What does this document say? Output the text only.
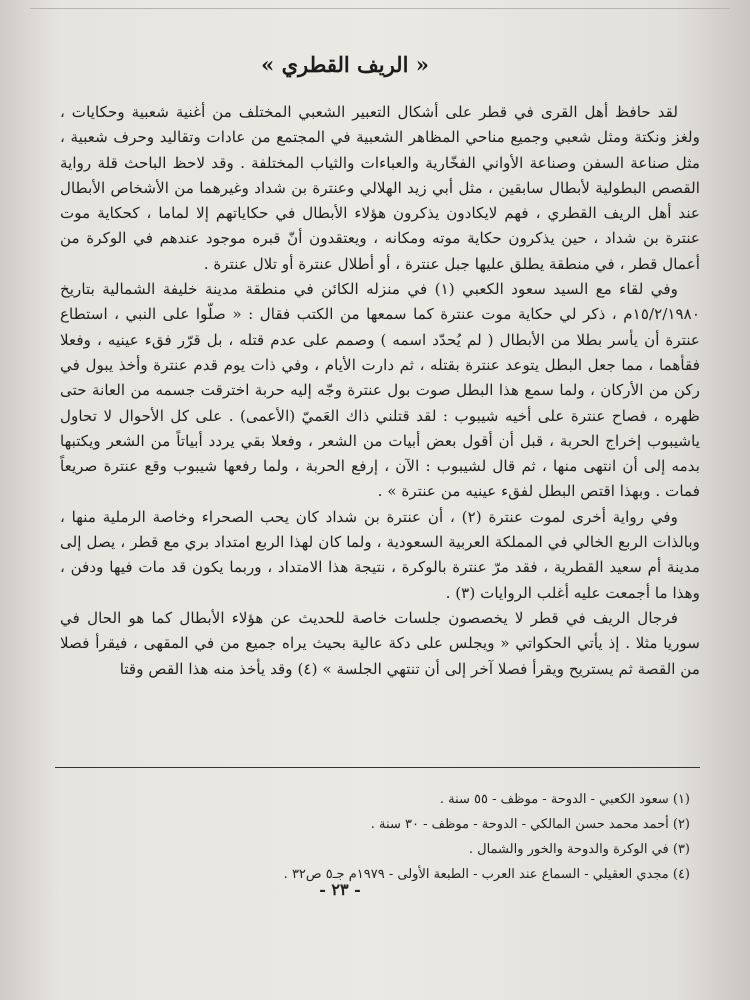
« الريف القطري »

لقد حافظ أهل القرى في قطر على أشكال التعبير الشعبي المختلف من أغنية شعبية وحكايات ، ولغز ونكتة ومثل شعبي وجميع مناحي المظاهر الشعبية في المجتمع من عادات وتقاليد وحرف شعبية ، مثل صناعة السفن وصناعة الأواني الفخّارية والعباءات والثياب المختلفة . وقد لاحظ الباحث قلة رواية القصص البطولية لأبطال سابقين ، مثل أبي زيد الهلالي وعنترة بن شداد وغيرهما من الأشخاص الأبطال عند أهل الريف القطري ، فهم لايكادون يذكرون هؤلاء الأبطال في حكاياتهم إلا لماما ، كحكاية موت عنترة بن شداد ، حين يذكرون حكاية موته ومكانه ، ويعتقدون أنّ قبره موجود عندهم في الوكرة من أعمال قطر ، في منطقة يطلق عليها جبل عنترة ، أو أطلال عنترة أو تلال عنترة .

وفي لقاء مع السيد سعود الكعبي (١) في منزله الكائن في منطقة مدينة خليفة الشمالية بتاريخ ١٥/٢/١٩٨٠م ، ذكر لي حكاية موت عنترة كما سمعها من الكتب فقال : « صلّوا على النبي ، استطاع عنترة أن يأسر بطلا من الأبطال ( لم يُحدّد اسمه ) وصمم على عدم قتله ، بل قرّر فقء عينيه ، وفعلا فقأهما ، مما جعل البطل يتوعد عنترة بقتله ، ثم دارت الأيام ، وفي ذات يوم قدم عنترة وأخذ يبول في ركن من الأركان ، ولما سمع هذا البطل صوت بول عنترة وجّه إليه حربة اخترقت جسمه من العانة حتى ظهره ، فصاح عنترة على أخيه شيبوب : لقد قتلني ذاك العَميّ (الأعمى) . على كل الأحوال لا تحاول ياشيبوب إخراج الحربة ، قبل أن أقول بعض أبيات من الشعر ، وفعلا بقي يردد أبياتاً من الشعر ويكتبها بدمه إلى أن انتهى منها ، ثم قال لشيبوب : الآن ، إرفع الحربة ، ولما رفعها شيبوب وقع عنترة صريعاً فمات . وبهذا اقتص البطل لفقء عينيه من عنترة » .

وفي رواية أخرى لموت عنترة (٢) ، أن عنترة بن شداد كان يحب الصحراء وخاصة الرملية منها ، وبالذات الربع الخالي في المملكة العربية السعودية ، ولما كان لهذا الربع امتداد بري مع قطر ، يصل إلى مدينة أم سعيد القطرية ، فقد مرّ عنترة بالوكرة ، نتيجة هذا الامتداد ، وربما يكون قد مات فيها ودفن ، وهذا ما أجمعت عليه أغلب الروايات (٣) .

فرجال الريف في قطر لا يخصصون جلسات خاصة للحديث عن هؤلاء الأبطال كما هو الحال في سوريا مثلا . إذ يأتي الحكواتي « ويجلس على دكة عالية بحيث يراه جميع من في المقهى ، فيقرأ فصلا من القصة ثم يستريح ويقرأ فصلا آخر إلى أن تنتهي الجلسة » (٤) وقد يأخذ منه هذا القص وقتا

(١) سعود الكعبي - الدوحة - موظف - ٥٥ سنة .
(٢) أحمد محمد حسن المالكي - الدوحة - موظف - ٣٠ سنة .
(٣) في الوكرة والدوحة والخور والشمال .
(٤) مجدي العقيلي - السماع عند العرب - الطبعة الأولى - ١٩٧٩م جـ٥ ص٣٢ .
- ٢٣ -
